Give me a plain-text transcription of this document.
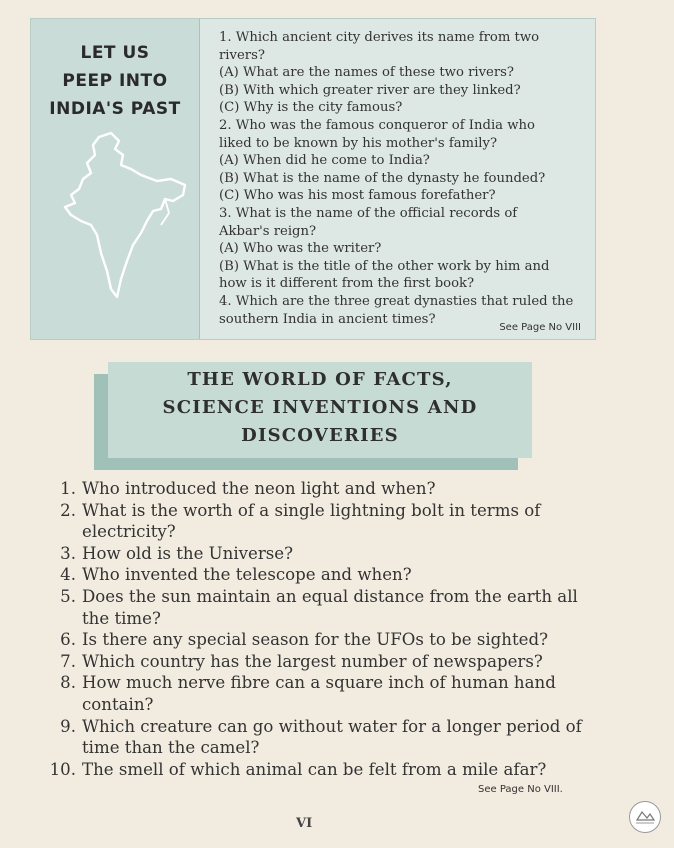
LET US
PEEP INTO
INDIA'S PAST

1. Which ancient city derives its name from two

rivers?

(A) What are the names of these two rivers?

(B) With which greater river are they linked?

(C) Why is the city famous?

2. Who was the famous conqueror of India who

liked to be known by his mother's family?

(A) When did he come to India?

(B) What is the name of the dynasty he founded?

(C) Who was his most famous forefather?

3. What is the name of the official records of

Akbar's reign?

(A) Who was the writer?

(B) What is the title of the other work by him and

how is it different from the first book?

4. Which are the three great dynasties that ruled the

southern India in ancient times?

See Page No VIII
THE WORLD OF FACTS,
SCIENCE INVENTIONS AND
DISCOVERIES
1. Who introduced the neon light and when?
2. What is the worth of a single lightning bolt in terms of electricity?
3. How old is the Universe?
4. Who invented the telescope and when?
5. Does the sun maintain an equal distance from the earth all the time?
6. Is there any special season for the UFOs to be sighted?
7. Which country has the largest number of newspapers?
8. How much nerve fibre can a square inch of human hand contain?
9. Which creature can go without water for a longer period of time than the camel?
10. The smell of which animal can be felt from a mile afar?
See Page No VIII.
VI
